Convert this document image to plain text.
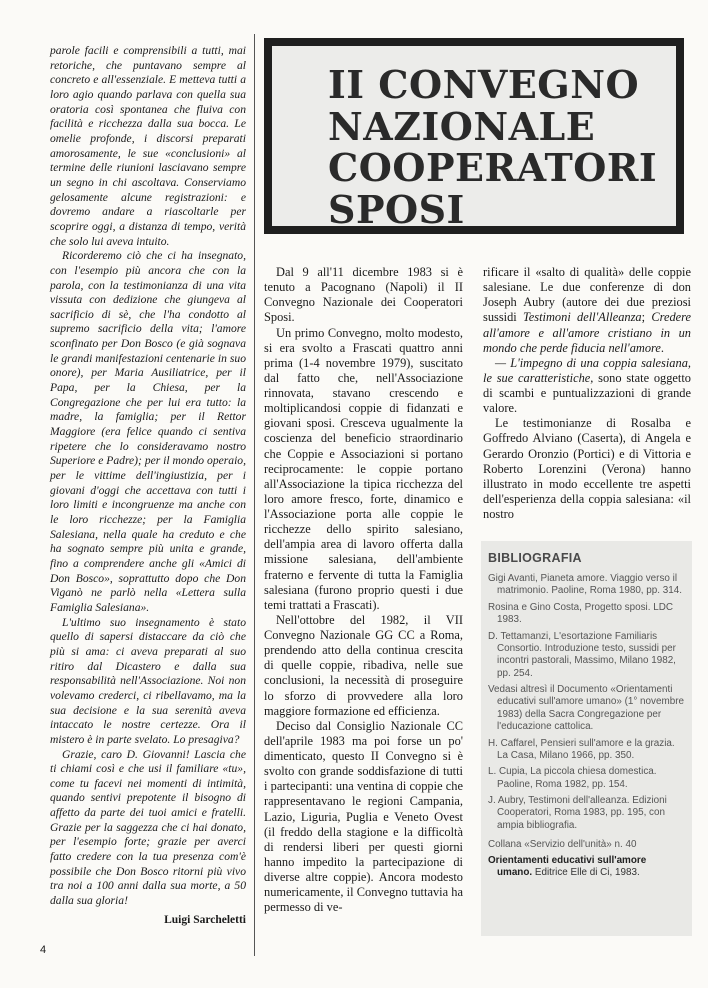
parole facili e comprensibili a tutti, mai retoriche, che puntavano sempre al concreto e all'essenziale. E metteva tutti a loro agio quando parlava con quella sua oratoria così spontanea che fluiva con facilità e ricchezza dalla sua bocca. Le omelie profonde, i discorsi preparati amorosamente, le sue «conclusioni» al termine delle riunioni lasciavano sempre un segno in chi ascoltava. Conserviamo gelosamente alcune registrazioni: e dovremo andare a riascoltarle per scoprire oggi, a distanza di tempo, verità che solo lui aveva intuito.

Ricorderemo ciò che ci ha insegnato, con l'esempio più ancora che con la parola, con la testimonianza di una vita vissuta con dedizione che giungeva al sacrificio di sè, che l'ha condotto al supremo sacrificio della vita; l'amore sconfinato per Don Bosco (e già sognava le grandi manifestazioni centenarie in suo onore), per Maria Ausiliatrice, per il Papa, per la Chiesa, per la Congregazione che per lui era tutto: la madre, la famiglia; per il Rettor Maggiore (era felice quando ci sentiva ripetere che lo consideravamo nostro Superiore e Padre); per il mondo operaio, per le vittime dell'ingiustizia, per i giovani d'oggi che accettava con tutti i loro limiti e incongruenze ma anche con le loro ricchezze; per la Famiglia Salesiana, nella quale ha creduto e che ha sognato sempre più unita e grande, fino a comprendere anche gli «Amici di Don Bosco», soprattutto dopo che Don Viganò ne parlò nella «Lettera sulla Famiglia Salesiana».

L'ultimo suo insegnamento è stato quello di sapersi distaccare da ciò che più si ama: ci aveva preparati al suo ritiro dal Dicastero e dalla sua responsabilità nell'Associazione. Noi non volevamo crederci, ci ribellavamo, ma la sua decisione e la sua serenità aveva intaccato le nostre certezze. Ora il mistero è in parte svelato. Lo presagiva?

Grazie, caro D. Giovanni! Lascia che ti chiami così e che usi il familiare «tu», come tu facevi nei momenti di intimità, quando sentivi prepotente il bisogno di affetto da parte dei tuoi amici e fratelli. Grazie per la saggezza che ci hai donato, per l'esempio forte; grazie per averci fatto credere con la tua presenza com'è possibile che Don Bosco ritorni più vivo tra noi a 100 anni dalla sua morte, a 50 dalla sua gloria!

Luigi Sarcheletti
4
II CONVEGNO
NAZIONALE
COOPERATORI
SPOSI

Dal 9 all'11 dicembre 1983 si è tenuto a Pacognano (Napoli) il II Convegno Nazionale dei Cooperatori Sposi.

Un primo Convegno, molto modesto, si era svolto a Frascati quattro anni prima (1-4 novembre 1979), suscitato dal fatto che, nell'Associazione rinnovata, stavano crescendo e moltiplicandosi coppie di fidanzati e giovani sposi. Cresceva ugualmente la coscienza del beneficio straordinario che Coppie e Associazioni si portano reciprocamente: le coppie portano all'Associazione la tipica ricchezza del loro amore fresco, forte, dinamico e l'Associazione porta alle coppie le ricchezze dello spirito salesiano, dell'ampia area di lavoro offerta dalla missione salesiana, dell'ambiente fraterno e fervente di tutta la Famiglia salesiana (furono proprio questi i due temi trattati a Frascati).

Nell'ottobre del 1982, il VII Convegno Nazionale GG CC a Roma, prendendo atto della continua crescita di quelle coppie, ribadiva, nelle sue conclusioni, la necessità di proseguire lo sforzo di provvedere alla loro maggiore formazione ed efficienza.

Deciso dal Consiglio Nazionale CC dell'aprile 1983 ma poi forse un po' dimenticato, questo II Convegno si è svolto con grande soddisfazione di tutti i partecipanti: una ventina di coppie che rappresentavano le regioni Campania, Lazio, Liguria, Puglia e Veneto Ovest (il freddo della stagione e la difficoltà di rendersi liberi per questi giorni hanno impedito la partecipazione di diverse altre coppie). Ancora modesto numericamente, il Convegno tuttavia ha permesso di ve-

rificare il «salto di qualità» delle coppie salesiane. Le due conferenze di don Joseph Aubry (autore dei due preziosi sussidi Testimoni dell'Alleanza; Credere all'amore e all'amore cristiano in un mondo che perde fiducia nell'amore.

— L'impegno di una coppia salesiana, le sue caratteristiche, sono state oggetto di scambi e puntualizzazioni di grande valore.

Le testimonianze di Rosalba e Goffredo Alviano (Caserta), di Angela e Gerardo Oronzio (Portici) e di Vittoria e Roberto Lorenzini (Verona) hanno illustrato in modo eccellente tre aspetti dell'esperienza della coppia salesiana: «il nostro

BIBLIOGRAFIA
Gigi Avanti, Pianeta amore. Viaggio verso il matrimonio. Paoline, Roma 1980, pp. 314.
Rosina e Gino Costa, Progetto sposi. LDC 1983.
D. Tettamanzi, L'esortazione Familiaris Consortio. Introduzione testo, sussidi per incontri pastorali, Massimo, Milano 1982, pp. 254.
Vedasi altresì il Documento «Orientamenti educativi sull'amore umano» (1° novembre 1983) della Sacra Congregazione per l'educazione cattolica.
H. Caffarel, Pensieri sull'amore e la grazia. La Casa, Milano 1966, pp. 350.
L. Cupia, La piccola chiesa domestica. Paoline, Roma 1982, pp. 154.
J. Aubry, Testimoni dell'alleanza. Edizioni Cooperatori, Roma 1983, pp. 195, con ampia bibliografia.
Collana «Servizio dell'unità» n. 40
Orientamenti educativi sull'amore umano. Editrice Elle di Ci, 1983.
